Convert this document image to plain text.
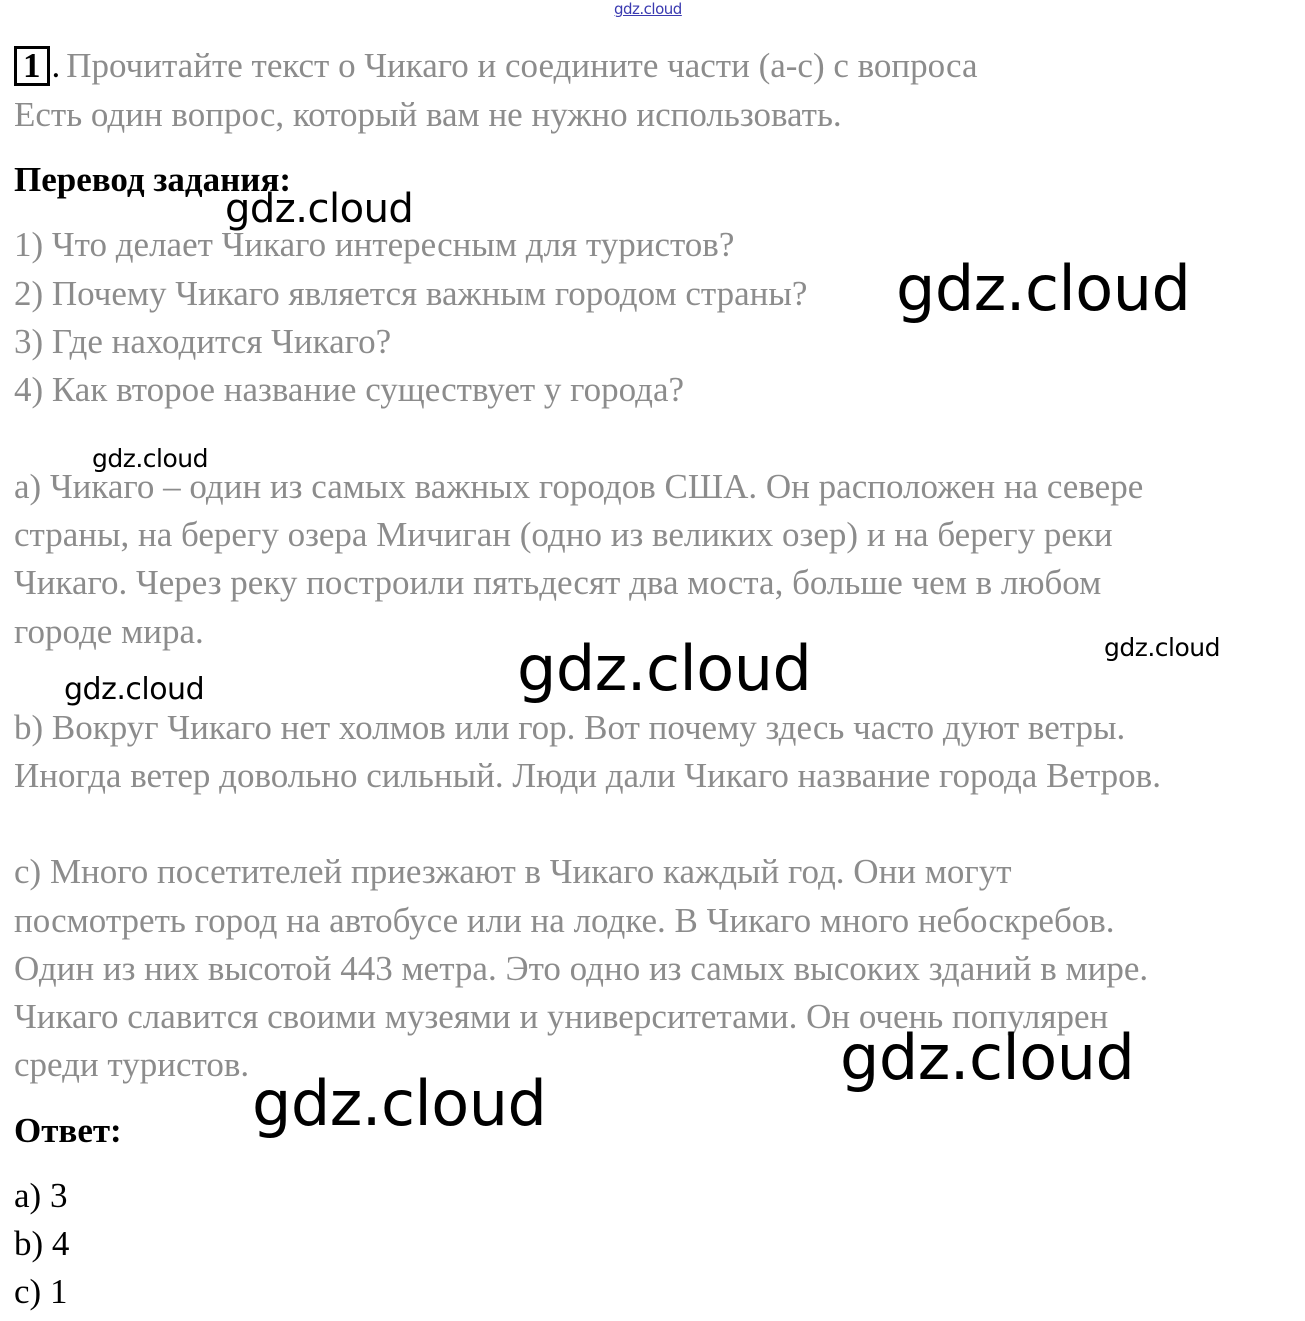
gdz.cloud
1 . Прочитайте текст о Чикаго и соедините части (a-c) с вопроса
Есть один вопрос, который вам не нужно использовать.
Перевод задания:
1) Что делает Чикаго интересным для туристов?
2) Почему Чикаго является важным городом страны?
3) Где находится Чикаго?
4) Как второе название существует у города?
a) Чикаго – один из самых важных городов США. Он расположен на севере
страны, на берегу озера Мичиган (одно из великих озер) и на берегу реки
Чикаго. Через реку построили пятьдесят два моста, больше чем в любом
городе мира.
b) Вокруг Чикаго нет холмов или гор. Вот почему здесь часто дуют ветры.
Иногда ветер довольно сильный. Люди дали Чикаго название города Ветров.
c) Много посетителей приезжают в Чикаго каждый год. Они могут
посмотреть город на автобусе или на лодке. В Чикаго много небоскребов.
Один из них высотой 443 метра. Это одно из самых высоких зданий в мире.
Чикаго славится своими музеями и университетами. Он очень популярен
среди туристов.
Ответ:
a) 3
b) 4
c) 1
gdz.cloud
gdz.cloud
gdz.cloud
gdz.cloud	gdz.cloud
gdz.cloud
gdz.cloud
gdz.cloud
